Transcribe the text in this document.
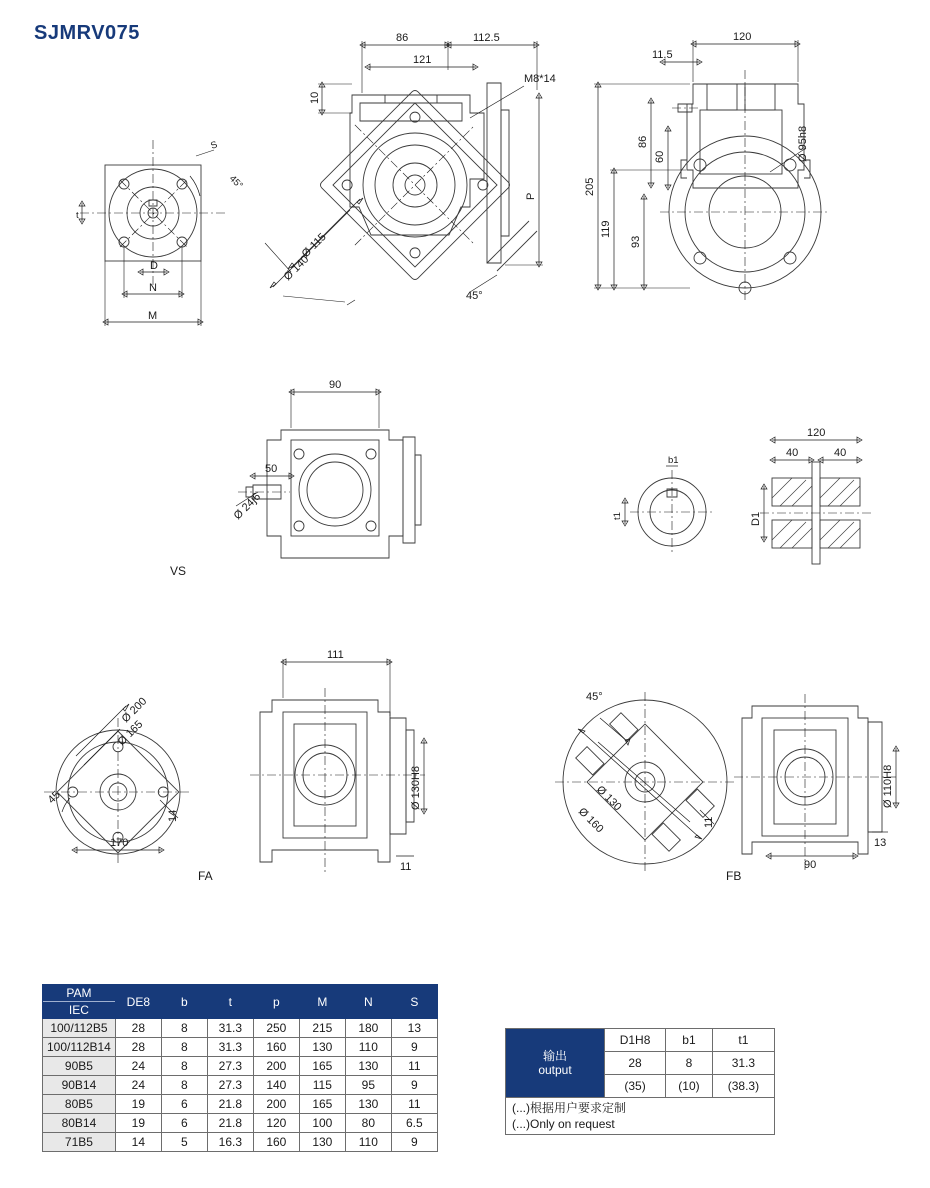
SJMRV075
S
45°
t
D
N
M
86	112.5
121
10
M8*14
P
45°
Ø 115
Ø 140
120
11.5
86
60
205
119
93
Ø 95h8
90
50
Ø 24j6
VS
b1
t1
120
40	40
D1
Ø 200
Ø 165
45
14
170
FA
111
Ø 130H8
11
45°
Ø 130
Ø 160	11
Ø 110H8
13
90
FB
PAM
IEC	DE8	b	t	p	M	N	S
100/112B5	28	8	31.3	250	215	180	13
100/112B14	28	8	31.3	160	130	110	9
90B5	24	8	27.3	200	165	130	11
90B14	24	8	27.3	140	115	95	9
80B5	19	6	21.8	200	165	130	11
80B14	19	6	21.8	120	100	80	6.5
71B5	14	5	16.3	160	130	110	9
输出
output	D1H8	b1	t1
	28	8	31.3
	(35)	(10)	(38.3)

(...)根据用户要求定制
(...)Only on request			
